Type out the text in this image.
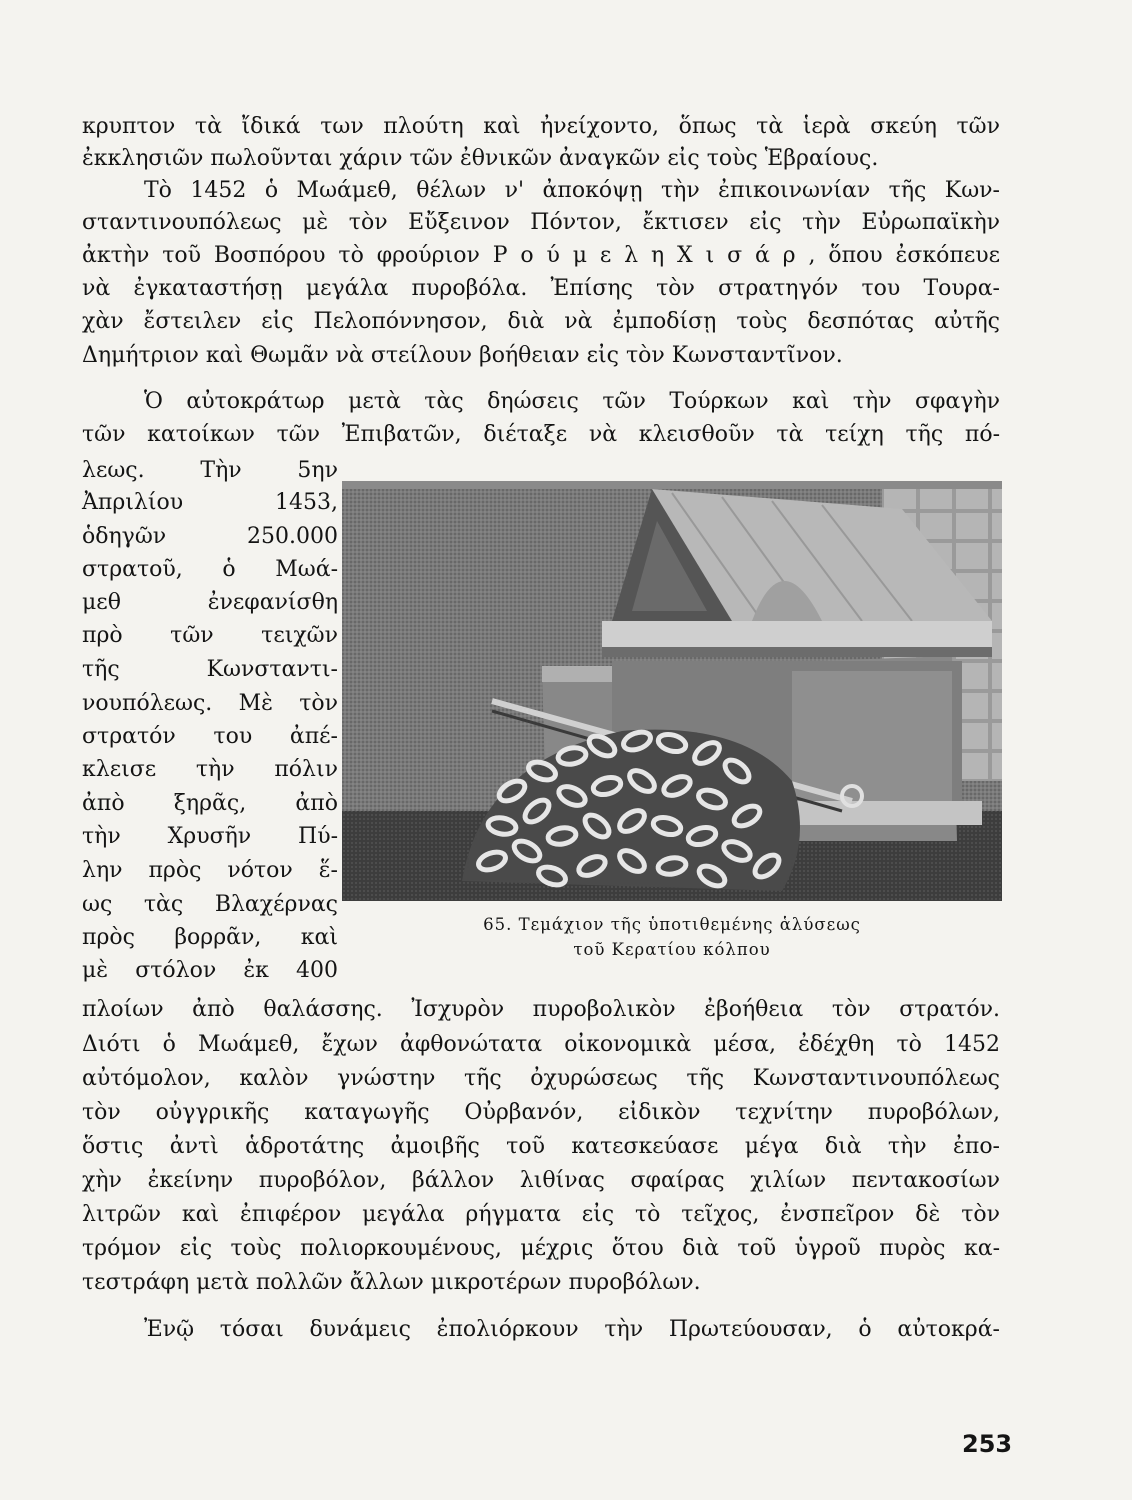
κρυπτον τὰ ἴδικά των πλούτη καὶ ἠνείχοντο, ὅπως τὰ ἱερὰ σκεύη τῶν
ἐκκλησιῶν πωλοῦνται χάριν τῶν ἐθνικῶν ἀναγκῶν εἰς τοὺς Ἑβραίους.
Τὸ 1452 ὁ Μωάμεθ, θέλων ν' ἀποκόψῃ τὴν ἐπικοινωνίαν τῆς Κων-
σταντινουπόλεως μὲ τὸν Εὔξεινον Πόντον, ἔκτισεν εἰς τὴν Εὐρωπαϊκὴν
ἀκτὴν τοῦ Βοσπόρου τὸ φρούριον Ρ ο ύ μ ε λ η Χ ι σ ά ρ , ὅπου ἐσκόπευε
νὰ ἐγκαταστήσῃ μεγάλα πυροβόλα. Ἐπίσης τὸν στρατηγόν του Τουρα-
χὰν ἔστειλεν εἰς Πελοπόννησον, διὰ νὰ ἐμποδίσῃ τοὺς δεσπότας αὐτῆς
Δημήτριον καὶ Θωμᾶν νὰ στείλουν βοήθειαν εἰς τὸν Κωνσταντῖνον.
Ὁ αὐτοκράτωρ μετὰ τὰς δηώσεις τῶν Τούρκων καὶ τὴν σφαγὴν
τῶν κατοίκων τῶν Ἐπιβατῶν, διέταξε νὰ κλεισθοῦν τὰ τείχη τῆς πό-
λεως. Τὴν 5ην
Ἀπριλίου 1453,
ὁδηγῶν 250.000
στρατοῦ, ὁ Μωά-
μεθ ἐνεφανίσθη
πρὸ τῶν τειχῶν
τῆς Κωνσταντι-
νουπόλεως. Μὲ τὸν
στρατόν του ἀπέ-
κλεισε τὴν πόλιν
ἀπὸ ξηρᾶς, ἀπὸ
τὴν Χρυσῆν Πύ-
λην πρὸς νότον ἕ-
ως τὰς Βλαχέρνας
πρὸς βορρᾶν, καὶ
μὲ στόλον ἐκ 400
65. Τεμάχιον τῆς ὑποτιθεμένης ἁλύσεως
τοῦ Κερατίου κόλπου
πλοίων ἀπὸ θαλάσσης. Ἰσχυρὸν πυροβολικὸν ἐβοήθεια τὸν στρατόν.
Διότι ὁ Μωάμεθ, ἔχων ἀφθονώτατα οἰκονομικὰ μέσα, ἐδέχθη τὸ 1452
αὐτόμολον, καλὸν γνώστην τῆς ὀχυρώσεως τῆς Κωνσταντινουπόλεως
τὸν οὐγγρικῆς καταγωγῆς Οὐρβανόν, εἰδικὸν τεχνίτην πυροβόλων,
ὅστις ἀντὶ ἁδροτάτης ἀμοιβῆς τοῦ κατεσκεύασε μέγα διὰ τὴν ἐπο-
χὴν ἐκείνην πυροβόλον, βάλλον λιθίνας σφαίρας χιλίων πεντακοσίων
λιτρῶν καὶ ἐπιφέρον μεγάλα ρήγματα εἰς τὸ τεῖχος, ἐνσπεῖρον δὲ τὸν
τρόμον εἰς τοὺς πολιορκουμένους, μέχρις ὅτου διὰ τοῦ ὑγροῦ πυρὸς κα-
τεστράφη μετὰ πολλῶν ἄλλων μικροτέρων πυροβόλων.
Ἐνῷ τόσαι δυνάμεις ἐπολιόρκουν τὴν Πρωτεύουσαν, ὁ αὐτοκρά-
253
